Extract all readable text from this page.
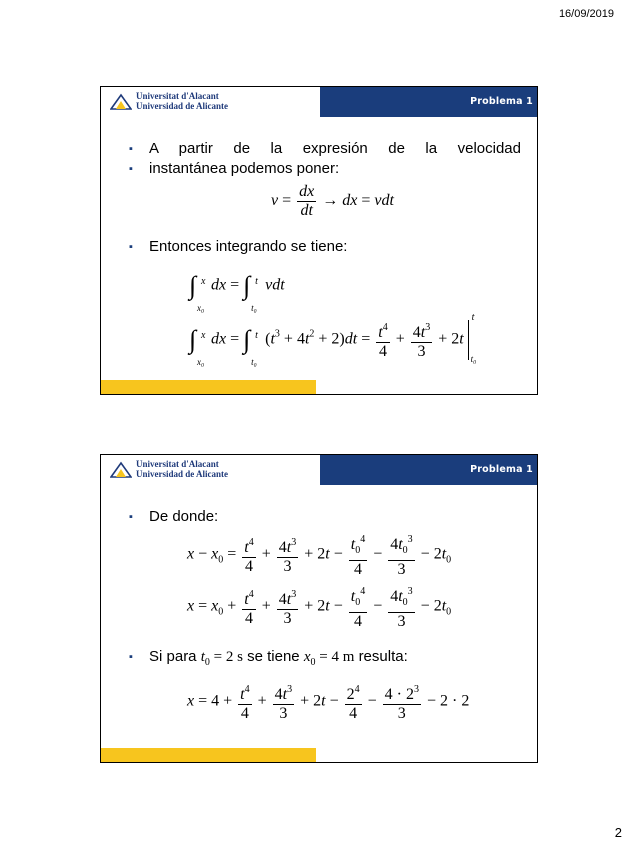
16/09/2019
Universitat d'Alacant
Universidad de Alicante	Problema 1
▪ A partir de la expresión de la velocidad
▪ instantánea podemos poner:
$v = \frac{dx}{dt}$ → dx = vdt
▪ Entonces integrando se tiene:
∫ x
x₀
dx = ∫ t
t₀
vdt
∫ x
x₀
dx = ∫ t
t₀
$(t^3 + 4t^2 + 2)dt = \frac{t^4}{4} + \frac{4t^3}{3} + 2t$
t
t₀
Universitat d'Alacant
Universidad de Alicante	Problema 1
▪ De donde:
$x - x_0 = \frac{t^4}{4} + \frac{4t^3}{3} + 2t - \frac{t_0^4}{4} - \frac{4t_0^3}{3} - 2t_0$
$x = x_0 + \frac{t^4}{4} + \frac{4t^3}{3} + 2t - \frac{t_0^4}{4} - \frac{4t_0^3}{3} - 2t_0$
▪ Si para $t_0 = 2$ s se tiene $x_0 = 4$ m resulta:
$x = 4 + \frac{t^4}{4} + \frac{4t^3}{3} + 2t - \frac{2^4}{4} - \frac{4 \cdot 2^3}{3} - 2 \cdot 2$
2
